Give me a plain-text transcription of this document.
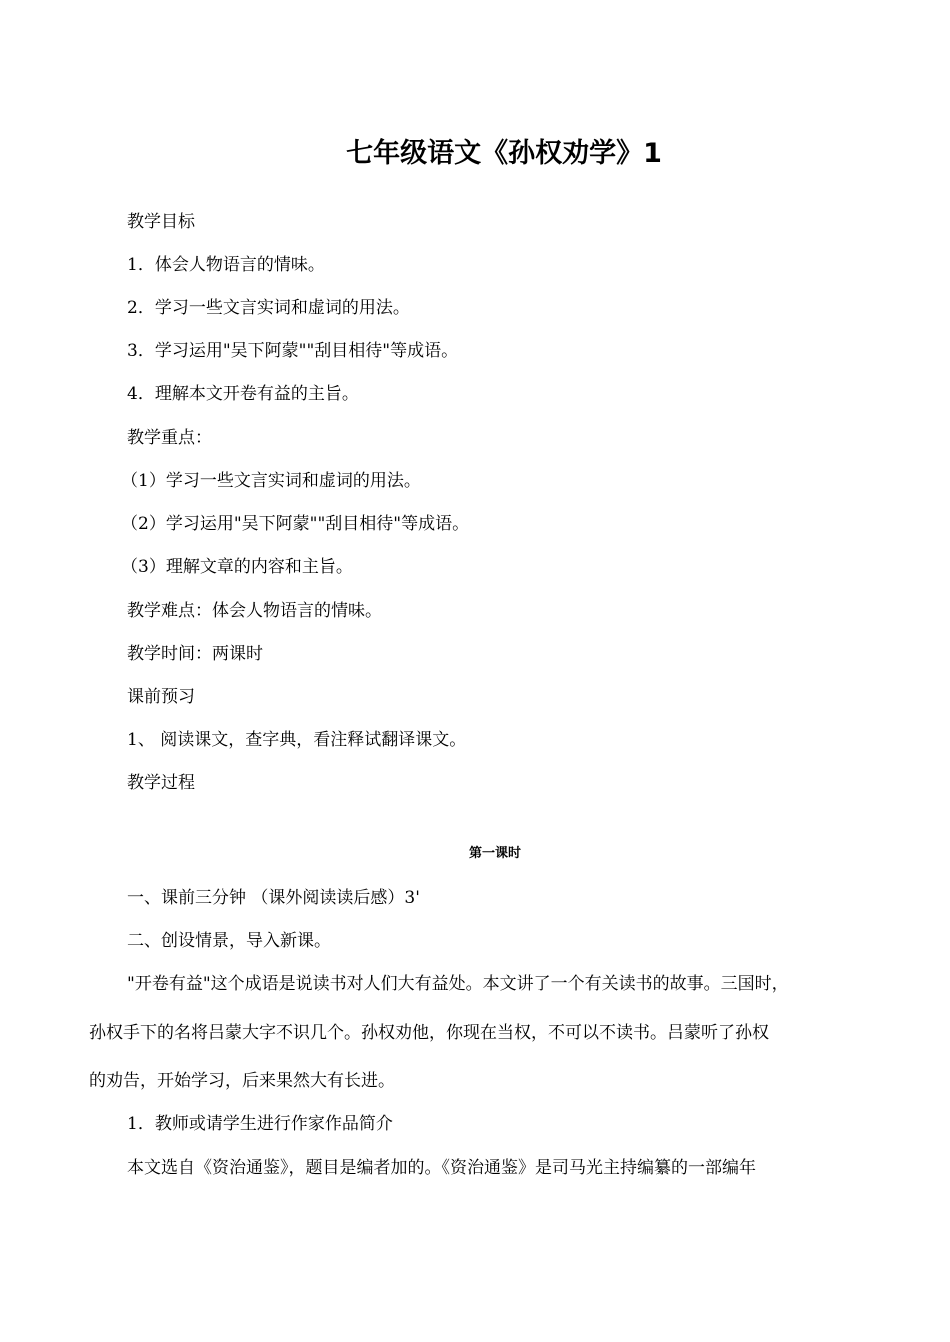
七年级语文《孙权劝学》1
教学目标
1．体会人物语言的情味。
2．学习一些文言实词和虚词的用法。
3．学习运用"吴下阿蒙""刮目相待"等成语。
4．理解本文开卷有益的主旨。
教学重点：
（1）学习一些文言实词和虚词的用法。
（2）学习运用"吴下阿蒙""刮目相待"等成语。
（3）理解文章的内容和主旨。
教学难点：体会人物语言的情味。
教学时间：两课时
课前预习
1、 阅读课文，查字典，看注释试翻译课文。
教学过程
第一课时
一、课前三分钟 （课外阅读读后感）3'
二、创设情景，导入新课。
"开卷有益"这个成语是说读书对人们大有益处。本文讲了一个有关读书的故事。三国时，
孙权手下的名将吕蒙大字不识几个。孙权劝他，你现在当权，不可以不读书。吕蒙听了孙权
的劝告，开始学习，后来果然大有长进。
1．教师或请学生进行作家作品简介
本文选自《资治通鉴》，题目是编者加的。《资治通鉴》是司马光主持编纂的一部编年
